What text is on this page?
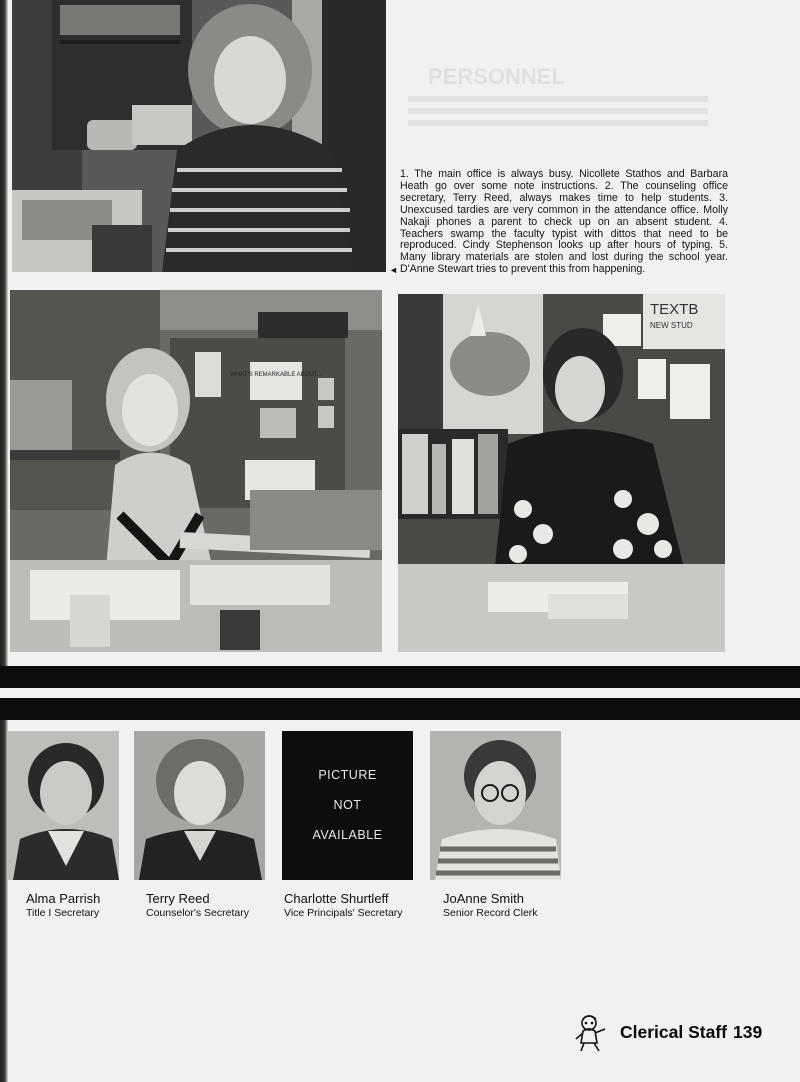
PERSONNEL
◄
1. The main office is always busy. Nicollete Stathos and Barbara Heath go over some note instructions. 2. The counseling office secretary, Terry Reed, always makes time to help students. 3. Unexcused tardies are very common in the attendance office. Molly Nakaji phones a parent to check up on an absent student. 4. Teachers swamp the faculty typist with dittos that need to be reproduced. Cindy Stephenson looks up after hours of typing. 5. Many library materials are stolen and lost during the school year. D'Anne Stewart tries to prevent this from happening.
WHAT'S REMARKABLE ABOUT...
TEXTB
NEW STUD
PICTURE
NOT
AVAILABLE
Alma Parrish
Title I Secretary
Terry Reed
Counselor's Secretary
Charlotte Shurtleff
Vice Principals' Secretary
JoAnne Smith
Senior Record Clerk
Clerical Staff 139
